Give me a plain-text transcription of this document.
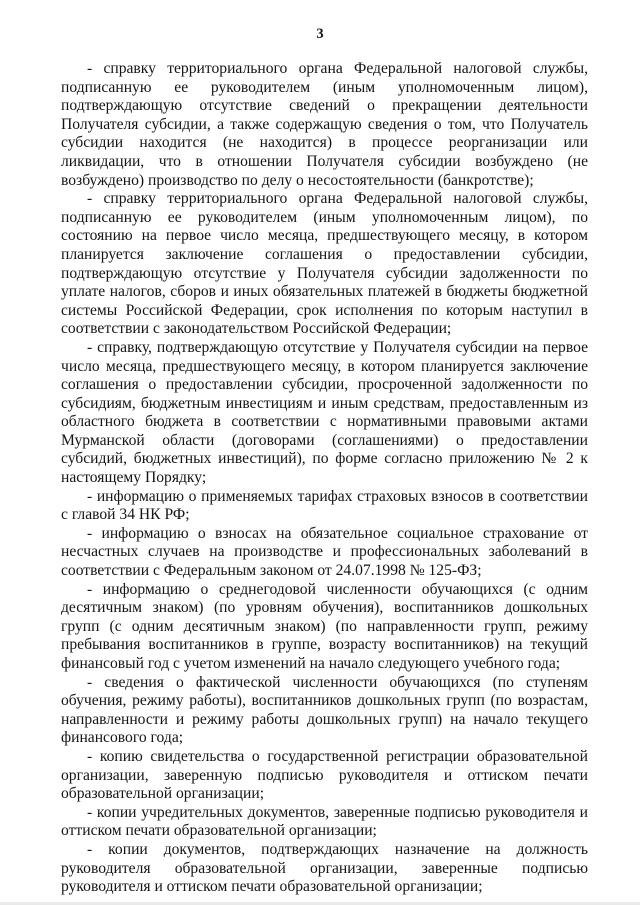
3

- справку территориального органа Федеральной налоговой службы, подписанную ее руководителем (иным уполномоченным лицом), подтверждающую отсутствие сведений о прекращении деятельности Получателя субсидии, а также содержащую сведения о том, что Получатель субсидии находится (не находится) в процессе реорганизации или ликвидации, что в отношении Получателя субсидии возбуждено (не возбуждено) производство по делу о несостоятельности (банкротстве);

- справку территориального органа Федеральной налоговой службы, подписанную ее руководителем (иным уполномоченным лицом), по состоянию на первое число месяца, предшествующего месяцу, в котором планируется заключение соглашения о предоставлении субсидии, подтверждающую отсутствие у Получателя субсидии задолженности по уплате налогов, сборов и иных обязательных платежей в бюджеты бюджетной системы Российской Федерации, срок исполнения по которым наступил в соответствии с законодательством Российской Федерации;

- справку, подтверждающую отсутствие у Получателя субсидии на первое число месяца, предшествующего месяцу, в котором планируется заключение соглашения о предоставлении субсидии, просроченной задолженности по субсидиям, бюджетным инвестициям и иным средствам, предоставленным из областного бюджета в соответствии с нормативными правовыми актами Мурманской области (договорами (соглашениями) о предоставлении субсидий, бюджетных инвестиций), по форме согласно приложению № 2 к настоящему Порядку;

- информацию о применяемых тарифах страховых взносов в соответствии с главой 34 НК РФ;

- информацию о взносах на обязательное социальное страхование от несчастных случаев на производстве и профессиональных заболеваний в соответствии с Федеральным законом от 24.07.1998 № 125-ФЗ;

- информацию о среднегодовой численности обучающихся (с одним десятичным знаком) (по уровням обучения), воспитанников дошкольных групп (с одним десятичным знаком) (по направленности групп, режиму пребывания воспитанников в группе, возрасту воспитанников) на текущий финансовый год с учетом изменений на начало следующего учебного года;

- сведения о фактической численности обучающихся (по ступеням обучения, режиму работы), воспитанников дошкольных групп (по возрастам, направленности и режиму работы дошкольных групп) на начало текущего финансового года;

- копию свидетельства о государственной регистрации образовательной организации, заверенную подписью руководителя и оттиском печати образовательной организации;

- копии учредительных документов, заверенные подписью руководителя и оттиском печати образовательной организации;

- копии документов, подтверждающих назначение на должность руководителя образовательной организации, заверенные подписью руководителя и оттиском печати образовательной организации;
